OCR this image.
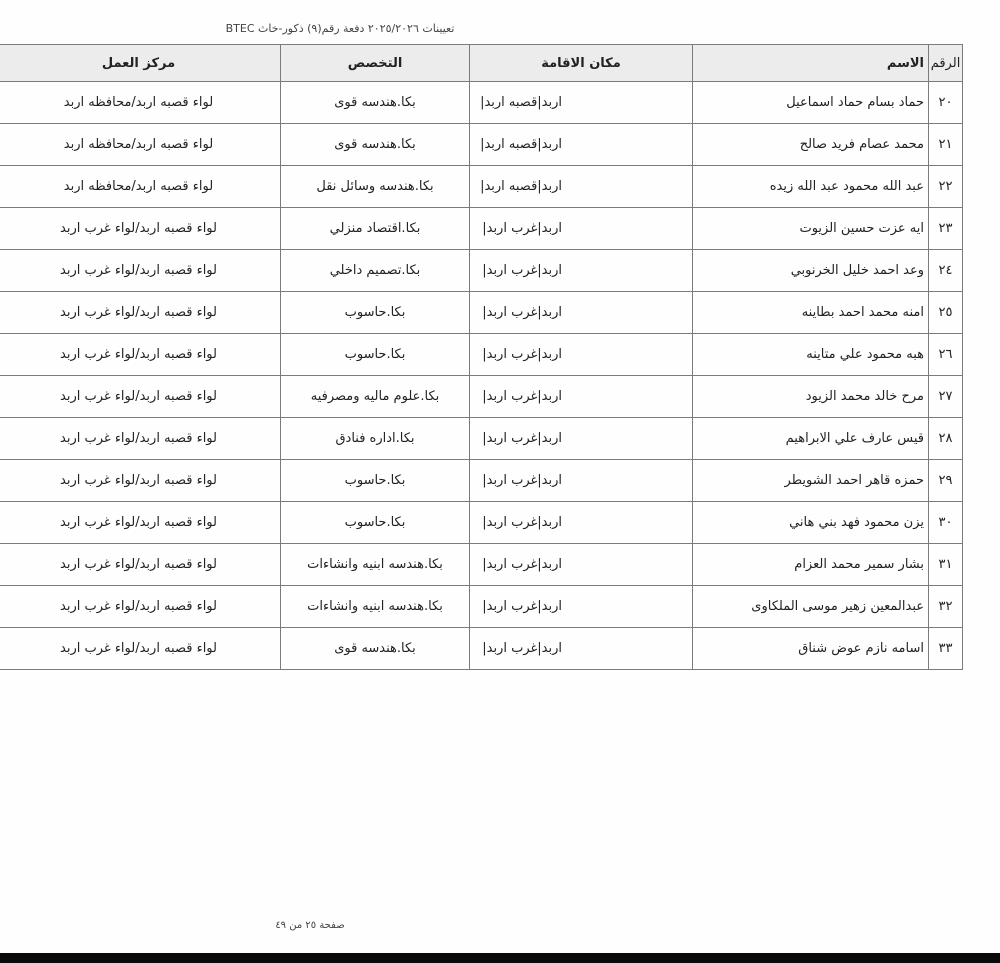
تعيينات ٢٠٢٥/٢٠٢٦ دفعة رقم(٩) ذكور-خاث BTEC
الرقم	الاسم	مكان الاقامة	التخصص	مركز العمل
٢٠	حماد بسام حماد اسماعيل	اربد|قصبه اربد|	بكا.هندسه قوى	لواء قصبه اربد/محافظه اربد
٢١	محمد عصام فريد صالح	اربد|قصبه اربد|	بكا.هندسه قوى	لواء قصبه اربد/محافظه اربد
٢٢	عبد الله محمود عبد الله زيده	اربد|قصبه اربد|	بكا.هندسه وسائل نقل	لواء قصبه اربد/محافظه اربد
٢٣	ايه عزت حسين الزيوت	اربد|غرب اربد|	بكا.اقتصاد منزلي	لواء قصبه اربد/لواء غرب اربد
٢٤	وعد احمد خليل الخرنوبي	اربد|غرب اربد|	بكا.تصميم داخلي	لواء قصبه اربد/لواء غرب اربد
٢٥	امنه محمد احمد بطاينه	اربد|غرب اربد|	بكا.حاسوب	لواء قصبه اربد/لواء غرب اربد
٢٦	هبه محمود علي متاينه	اربد|غرب اربد|	بكا.حاسوب	لواء قصبه اربد/لواء غرب اربد
٢٧	مرح خالد محمد الزيود	اربد|غرب اربد|	بكا.علوم ماليه ومصرفيه	لواء قصبه اربد/لواء غرب اربد
٢٨	قيس عارف علي الابراهيم	اربد|غرب اربد|	بكا.اداره فنادق	لواء قصبه اربد/لواء غرب اربد
٢٩	حمزه قاهر احمد الشويطر	اربد|غرب اربد|	بكا.حاسوب	لواء قصبه اربد/لواء غرب اربد
٣٠	يزن محمود فهد بني هاني	اربد|غرب اربد|	بكا.حاسوب	لواء قصبه اربد/لواء غرب اربد
٣١	بشار سمير محمد العزام	اربد|غرب اربد|	بكا.هندسه ابنيه وانشاءات	لواء قصبه اربد/لواء غرب اربد
٣٢	عبدالمعين زهير موسى الملكاوى	اربد|غرب اربد|	بكا.هندسه ابنيه وانشاءات	لواء قصبه اربد/لواء غرب اربد
٣٣	اسامه نازم عوض شناق	اربد|غرب اربد|	بكا.هندسه قوى	لواء قصبه اربد/لواء غرب اربد
صفحة ٢٥ من ٤٩
